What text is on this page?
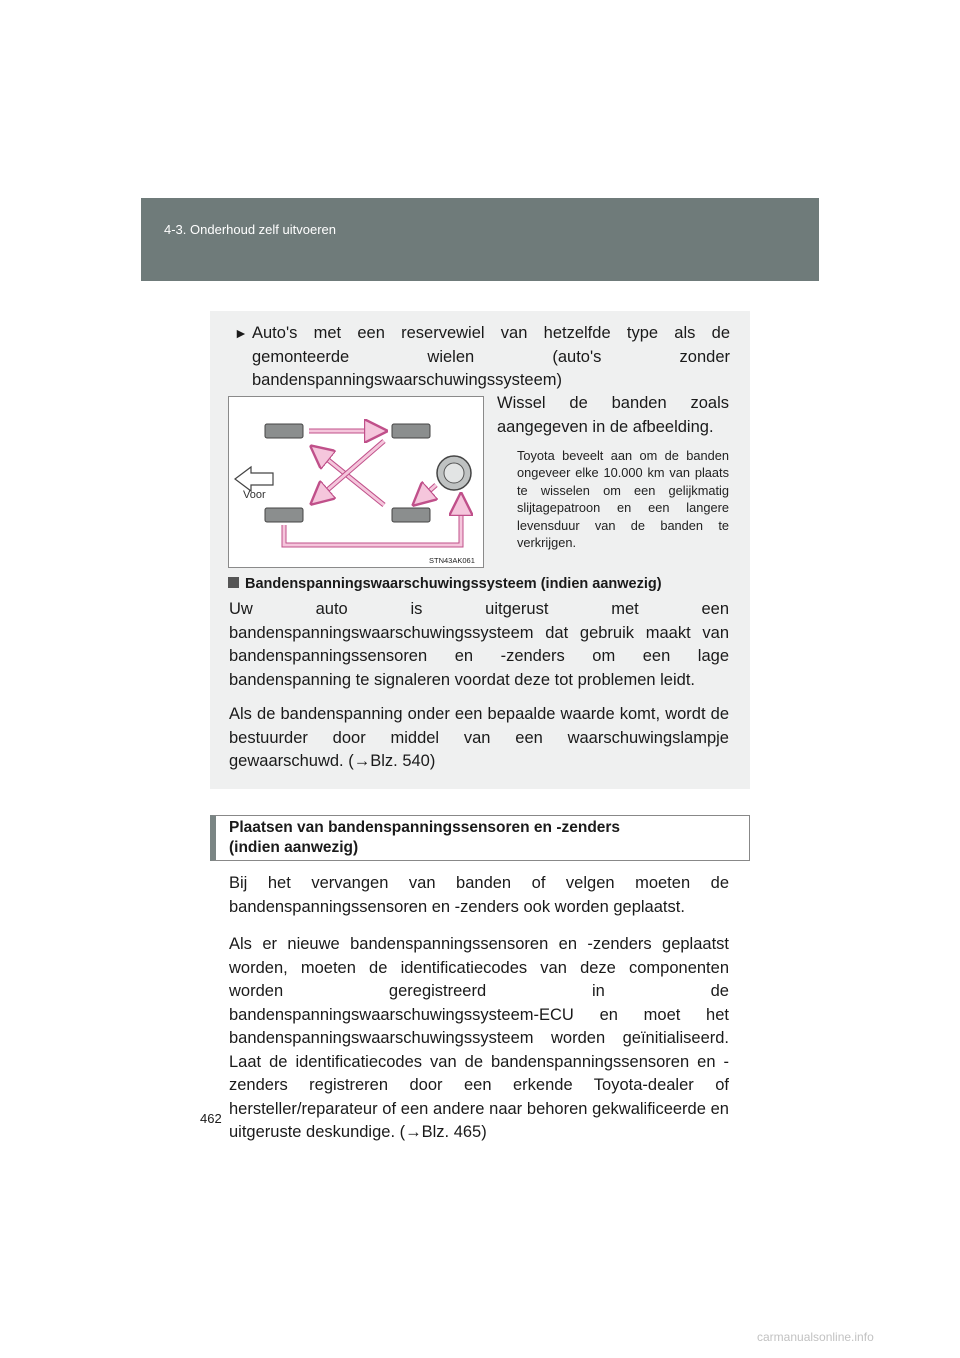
4-3. Onderhoud zelf uitvoeren
► Auto's met een reservewiel van hetzelfde type als de gemonteerde wielen (auto's zonder bandenspanningswaarschuwingssysteem)
Voor
STN43AK061
Wissel de banden zoals aangegeven in de afbeelding.
Toyota beveelt aan om de banden ongeveer elke 10.000 km van plaats te wisselen om een gelijkmatig slijtagepatroon en een langere levensduur van de banden te verkrijgen.
Bandenspanningswaarschuwingssysteem (indien aanwezig)
Uw auto is uitgerust met een bandenspanningswaarschuwingssysteem dat gebruik maakt van bandenspanningssensoren en -zenders om een lage bandenspanning te signaleren voordat deze tot problemen leidt.
Als de bandenspanning onder een bepaalde waarde komt, wordt de bestuurder door middel van een waarschuwingslampje gewaarschuwd. (→Blz. 540)
Plaatsen van bandenspanningssensoren en -zenders
(indien aanwezig)
Bij het vervangen van banden of velgen moeten de bandenspanningssensoren en -zenders ook worden geplaatst.
Als er nieuwe bandenspanningssensoren en -zenders geplaatst worden, moeten de identificatiecodes van deze componenten worden geregistreerd in de bandenspanningswaarschuwingssysteem-ECU en moet het bandenspanningswaarschuwingssysteem worden geïnitialiseerd. Laat de identificatiecodes van de bandenspanningssensoren en -zenders registreren door een erkende Toyota-dealer of hersteller/reparateur of een andere naar behoren gekwalificeerde en uitgeruste deskundige. (→Blz. 465)
462
carmanualsonline.info
